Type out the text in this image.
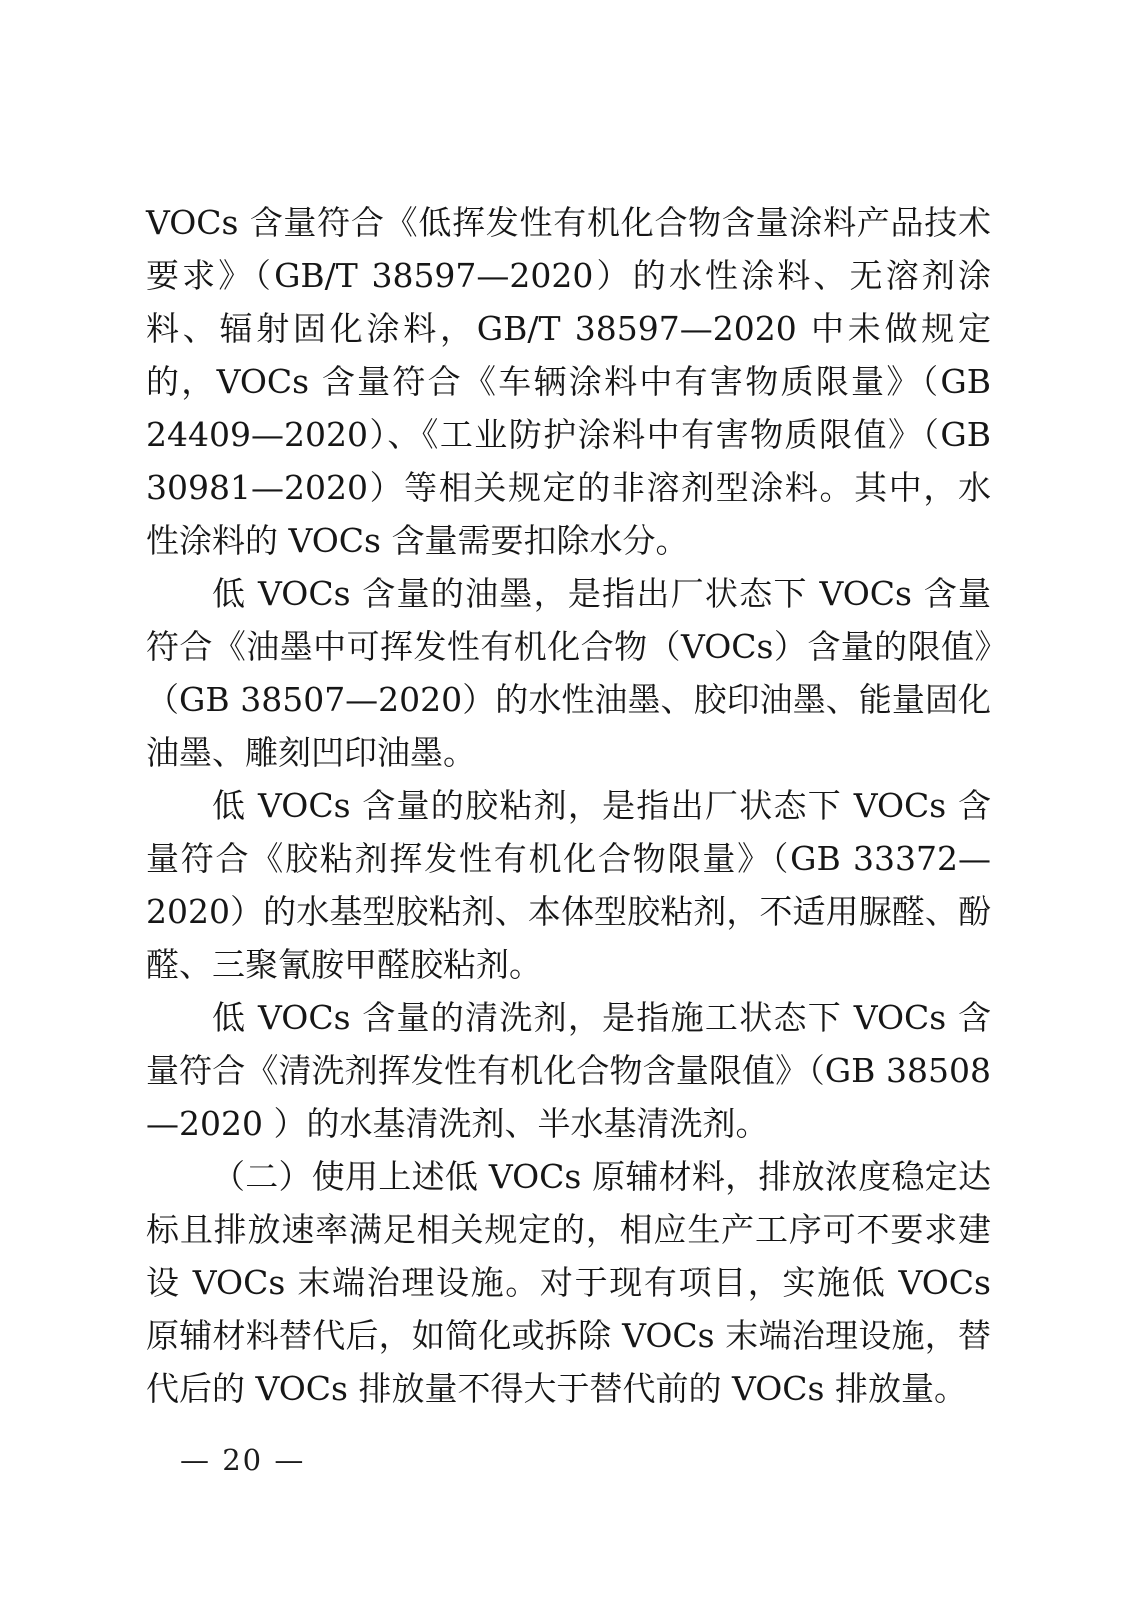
VOCs 含量符合《低挥发性有机化合物含量涂料产品技术要求》（GB/T 38597—2020）的水性涂料、无溶剂涂料、辐射固化涂料，GB/T 38597—2020 中未做规定的，VOCs 含量符合《车辆涂料中有害物质限量》（GB 24409—2020）、《工业防护涂料中有害物质限值》（GB 30981—2020）等相关规定的非溶剂型涂料。其中，水性涂料的 VOCs 含量需要扣除水分。

低 VOCs 含量的油墨，是指出厂状态下 VOCs 含量符合《油墨中可挥发性有机化合物（VOCs）含量的限值》（GB 38507—2020）的水性油墨、胶印油墨、能量固化油墨、雕刻凹印油墨。

低 VOCs 含量的胶粘剂，是指出厂状态下 VOCs 含量符合《胶粘剂挥发性有机化合物限量》（GB 33372—2020）的水基型胶粘剂、本体型胶粘剂，不适用脲醛、酚醛、三聚氰胺甲醛胶粘剂。

低 VOCs 含量的清洗剂，是指施工状态下 VOCs 含量符合《清洗剂挥发性有机化合物含量限值》（GB 38508—2020 ）的水基清洗剂、半水基清洗剂。

（二）使用上述低 VOCs 原辅材料，排放浓度稳定达标且排放速率满足相关规定的，相应生产工序可不要求建设 VOCs 末端治理设施。对于现有项目，实施低 VOCs 原辅材料替代后，如简化或拆除 VOCs 末端治理设施，替代后的 VOCs 排放量不得大于替代前的 VOCs 排放量。

— 20 —
